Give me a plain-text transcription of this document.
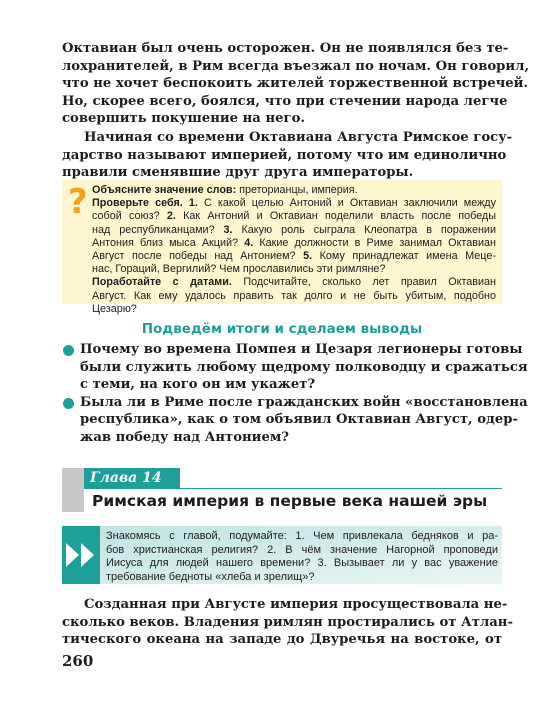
Октавиан был очень осторожен. Он не появлялся без те-
лохранителей, в Рим всегда въезжал по ночам. Он говорил,
что не хочет беспокоить жителей торжественной встречей.
Но, скорее всего, боялся, что при стечении народа легче
совершить покушение на него.

Начиная со времени Октавиана Августа Римское госу-
дарство называют империей, потому что им единолично
правили сменявшие друг друга императоры.

? Объясните значение слов: преторианцы, империя.
Проверьте себя. 1. С какой целью Антоний и Октавиан заключили между
собой союз? 2. Как Антоний и Октавиан поделили власть после победы
над республиканцами? 3. Какую роль сыграла Клеопатра в поражении
Антония близ мыса Акций? 4. Какие должности в Риме занимал Октавиан
Август после победы над Антонием? 5. Кому принадлежат имена Мецe-
нас, Гораций, Вергилий? Чем прославились эти римляне?
Поработайте с датами. Подсчитайте, сколько лет правил Октавиан
Август. Как ему удалось править так долго и не быть убитым, подобно
Цезарю?
Подведём итоги и сделаем выводы
Почему во времена Помпея и Цезаря легионеры готовы
были служить любому щедрому полководцу и сражаться
с теми, на кого он им укажет?
Была ли в Риме после гражданских войн «восстановлена
республика», как о том объявил Октавиан Август, одер-
жав победу над Антонием?
Глава 14
Римская империя в первые века нашей эры
Знакомясь с главой, подумайте: 1. Чем привлекала бедняков и ра-
бов христианская религия? 2. В чём значение Нагорной проповеди
Иисуса для людей нашего времени? 3. Вызывает ли у вас уважение
требование бедноты «хлеба и зрелищ»?

Созданная при Августе империя просуществовала не-
сколько веков. Владения римлян простирались от Атлан-
тического океана на западе до Двуречья на востоке, от

260
